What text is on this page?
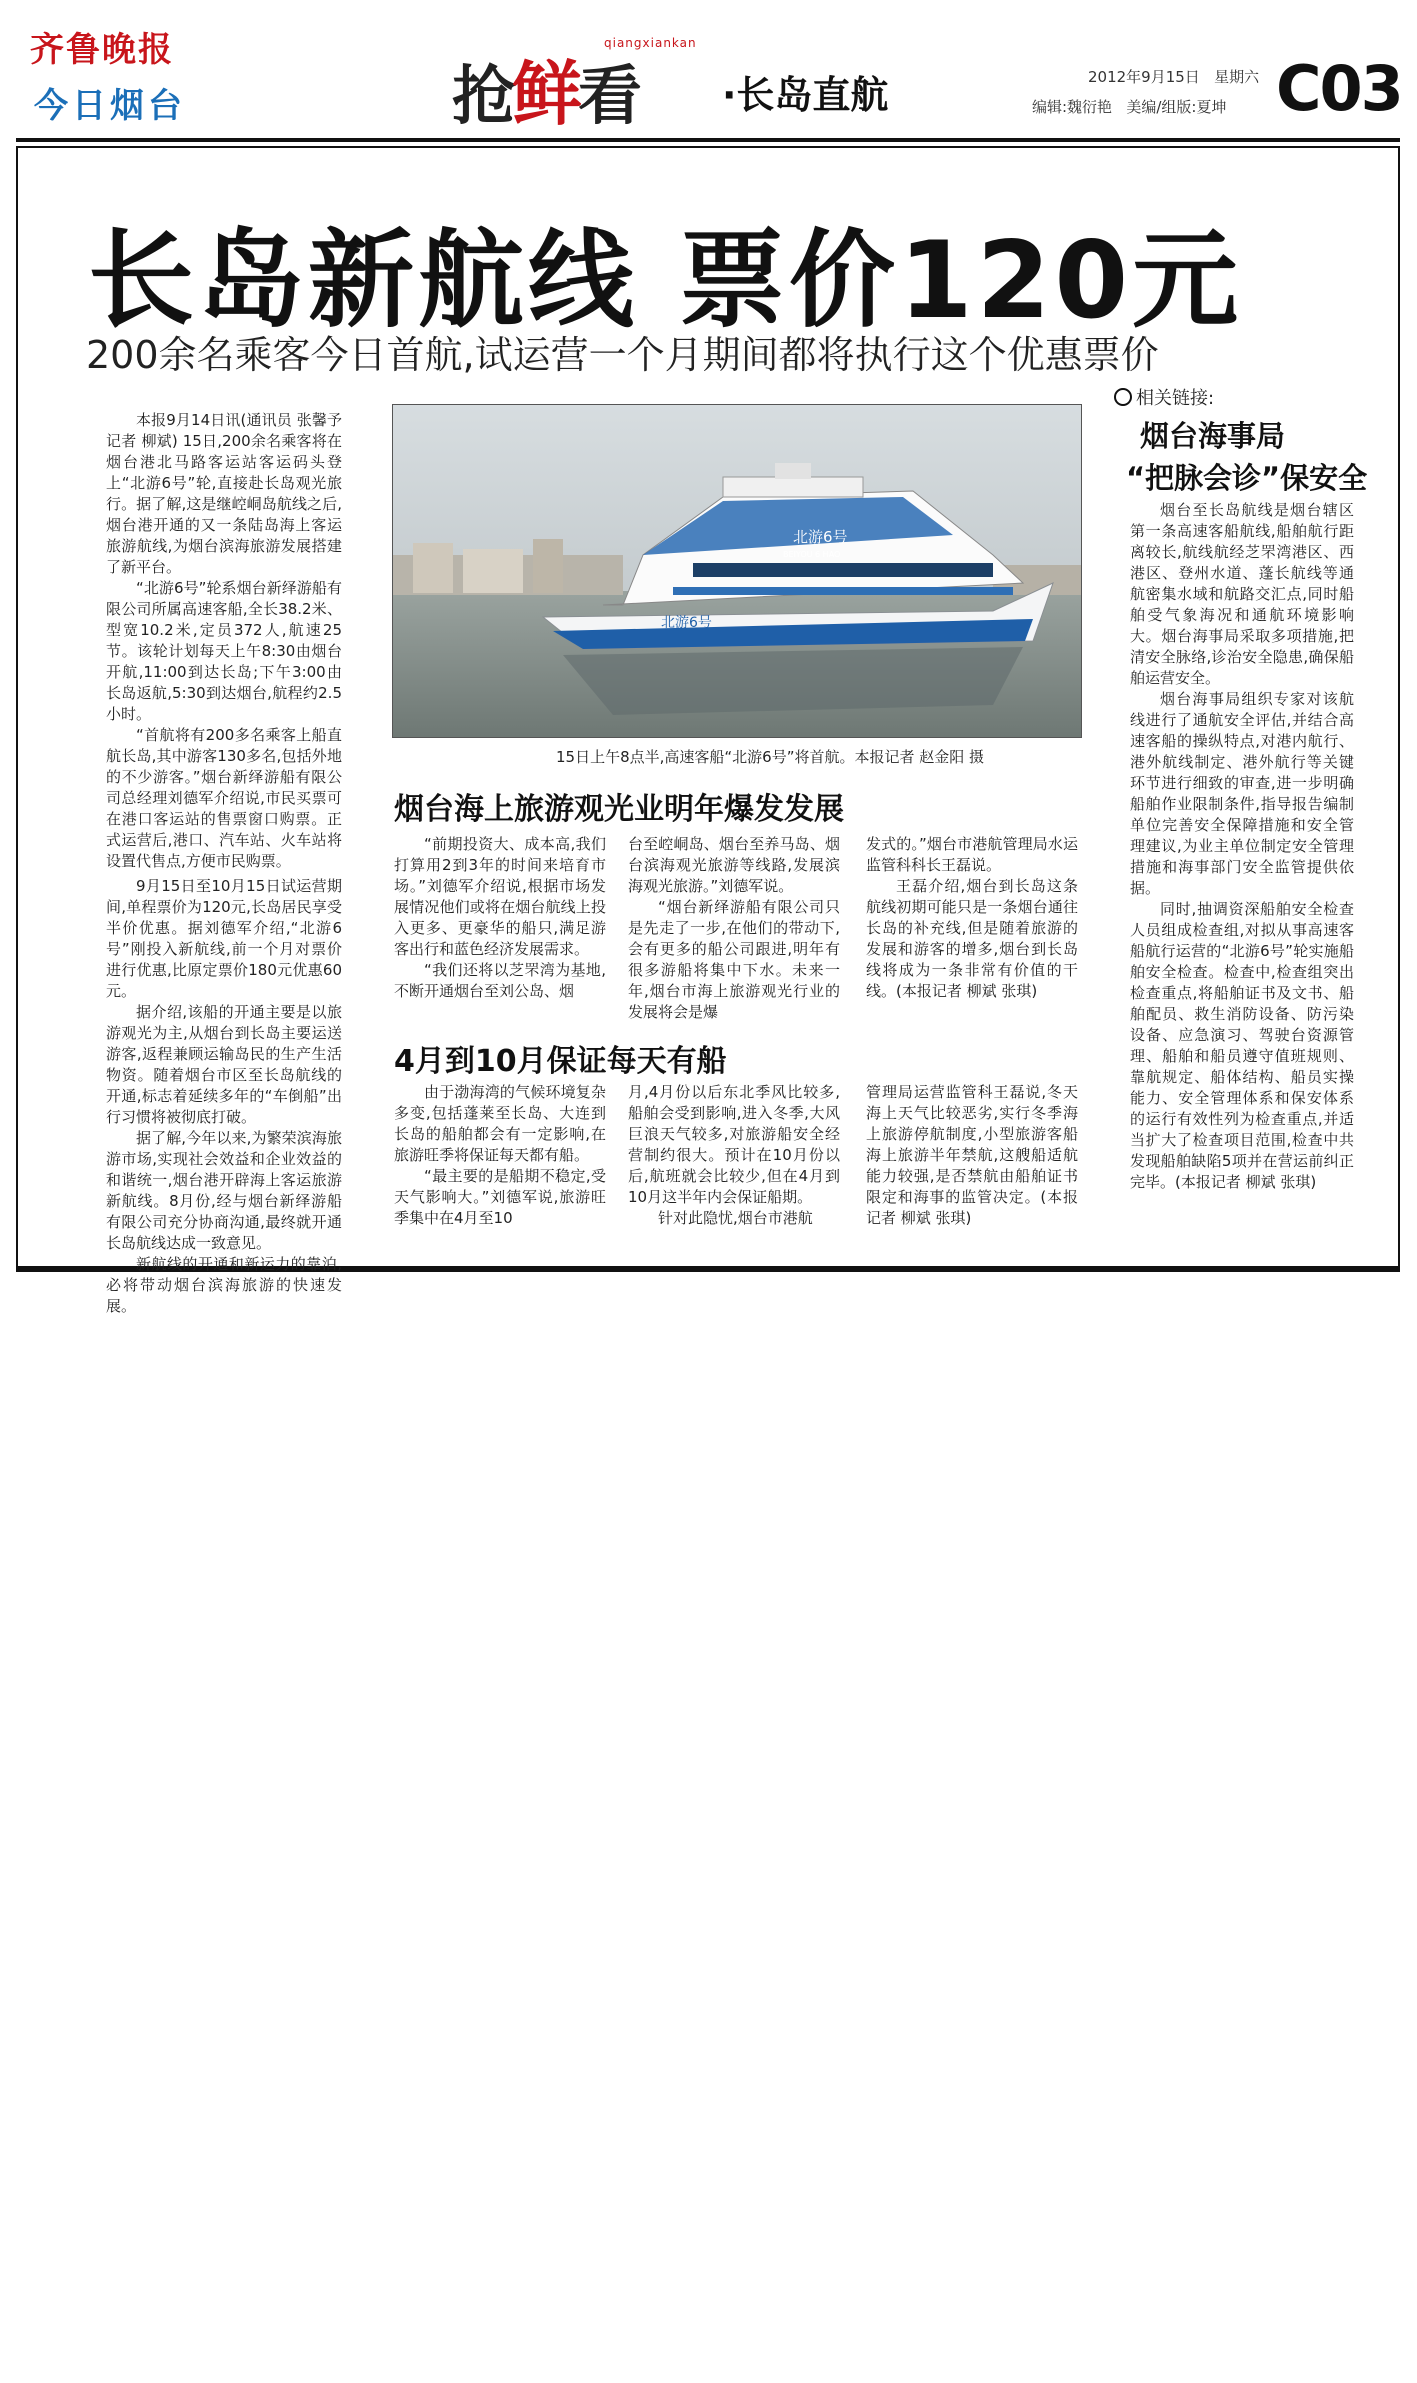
齐鲁晚报
今日烟台	抢鲜看
qiangxiankan
·长岛直航	2012年9月15日 星期六
编辑:魏衍艳 美编/组版:夏坤 C03
长岛新航线 票价120元
200余名乘客今日首航,试运营一个月期间都将执行这个优惠票价

本报9月14日讯(通讯员 张馨予 记者 柳斌) 15日,200余名乘客将在烟台港北马路客运站客运码头登上“北游6号”轮,直接赴长岛观光旅行。据了解,这是继崆峒岛航线之后,烟台港开通的又一条陆岛海上客运旅游航线,为烟台滨海旅游发展搭建了新平台。

“北游6号”轮系烟台新绎游船有限公司所属高速客船,全长38.2米、型宽10.2米,定员372人,航速25节。该轮计划每天上午8:30由烟台开航,11:00到达长岛;下午3:00由长岛返航,5:30到达烟台,航程约2.5小时。

“首航将有200多名乘客上船直航长岛,其中游客130多名,包括外地的不少游客。”烟台新绎游船有限公司总经理刘德军介绍说,市民买票可在港口客运站的售票窗口购票。正式运营后,港口、汽车站、火车站将设置代售点,方便市民购票。

9月15日至10月15日试运营期间,单程票价为120元,长岛居民享受半价优惠。据刘德军介绍,“北游6号”刚投入新航线,前一个月对票价进行优惠,比原定票价180元优惠60元。

据介绍,该船的开通主要是以旅游观光为主,从烟台到长岛主要运送游客,返程兼顾运输岛民的生产生活物资。随着烟台市区至长岛航线的开通,标志着延续多年的“车倒船”出行习惯将被彻底打破。

据了解,今年以来,为繁荣滨海旅游市场,实现社会效益和企业效益的和谐统一,烟台港开辟海上客运旅游新航线。8月份,经与烟台新绎游船有限公司充分协商沟通,最终就开通长岛航线达成一致意见。

新航线的开通和新运力的靠泊,必将带动烟台滨海旅游的快速发展。

北游6号
BEIYOU 6 HAO
北游6号
15日上午8点半,高速客船“北游6号”将首航。本报记者 赵金阳 摄
烟台海上旅游观光业明年爆发发展

“前期投资大、成本高,我们打算用2到3年的时间来培育市场。”刘德军介绍说,根据市场发展情况他们或将在烟台航线上投入更多、更豪华的船只,满足游客出行和蓝色经济发展需求。

“我们还将以芝罘湾为基地,不断开通烟台至刘公岛、烟

台至崆峒岛、烟台至养马岛、烟台滨海观光旅游等线路,发展滨海观光旅游。”刘德军说。

“烟台新绎游船有限公司只是先走了一步,在他们的带动下,会有更多的船公司跟进,明年有很多游船将集中下水。未来一年,烟台市海上旅游观光行业的发展将会是爆

发式的。”烟台市港航管理局水运监管科科长王磊说。

王磊介绍,烟台到长岛这条航线初期可能只是一条烟台通往长岛的补充线,但是随着旅游的发展和游客的增多,烟台到长岛线将成为一条非常有价值的干线。(本报记者 柳斌 张琪)

4月到10月保证每天有船

由于渤海湾的气候环境复杂多变,包括蓬莱至长岛、大连到长岛的船舶都会有一定影响,在旅游旺季将保证每天都有船。

“最主要的是船期不稳定,受天气影响大。”刘德军说,旅游旺季集中在4月至10

月,4月份以后东北季风比较多,船舶会受到影响,进入冬季,大风巨浪天气较多,对旅游船安全经营制约很大。预计在10月份以后,航班就会比较少,但在4月到10月这半年内会保证船期。

针对此隐忧,烟台市港航

管理局运营监管科王磊说,冬天海上天气比较恶劣,实行冬季海上旅游停航制度,小型旅游客船海上旅游半年禁航,这艘船适航能力较强,是否禁航由船舶证书限定和海事的监管决定。(本报记者 柳斌 张琪)

相关链接:
烟台海事局
“把脉会诊”保安全

烟台至长岛航线是烟台辖区第一条高速客船航线,船舶航行距离较长,航线航经芝罘湾港区、西港区、登州水道、蓬长航线等通航密集水域和航路交汇点,同时船舶受气象海况和通航环境影响大。烟台海事局采取多项措施,把清安全脉络,诊治安全隐患,确保船舶运营安全。

烟台海事局组织专家对该航线进行了通航安全评估,并结合高速客船的操纵特点,对港内航行、港外航线制定、港外航行等关键环节进行细致的审查,进一步明确船舶作业限制条件,指导报告编制单位完善安全保障措施和安全管理建议,为业主单位制定安全管理措施和海事部门安全监管提供依据。

同时,抽调资深船舶安全检查人员组成检查组,对拟从事高速客船航行运营的“北游6号”轮实施船舶安全检查。检查中,检查组突出检查重点,将船舶证书及文书、船舶配员、救生消防设备、防污染设备、应急演习、驾驶台资源管理、船舶和船员遵守值班规则、靠航规定、船体结构、船员实操能力、安全管理体系和保安体系的运行有效性列为检查重点,并适当扩大了检查项目范围,检查中共发现船舶缺陷5项并在营运前纠正完毕。(本报记者 柳斌 张琪)
